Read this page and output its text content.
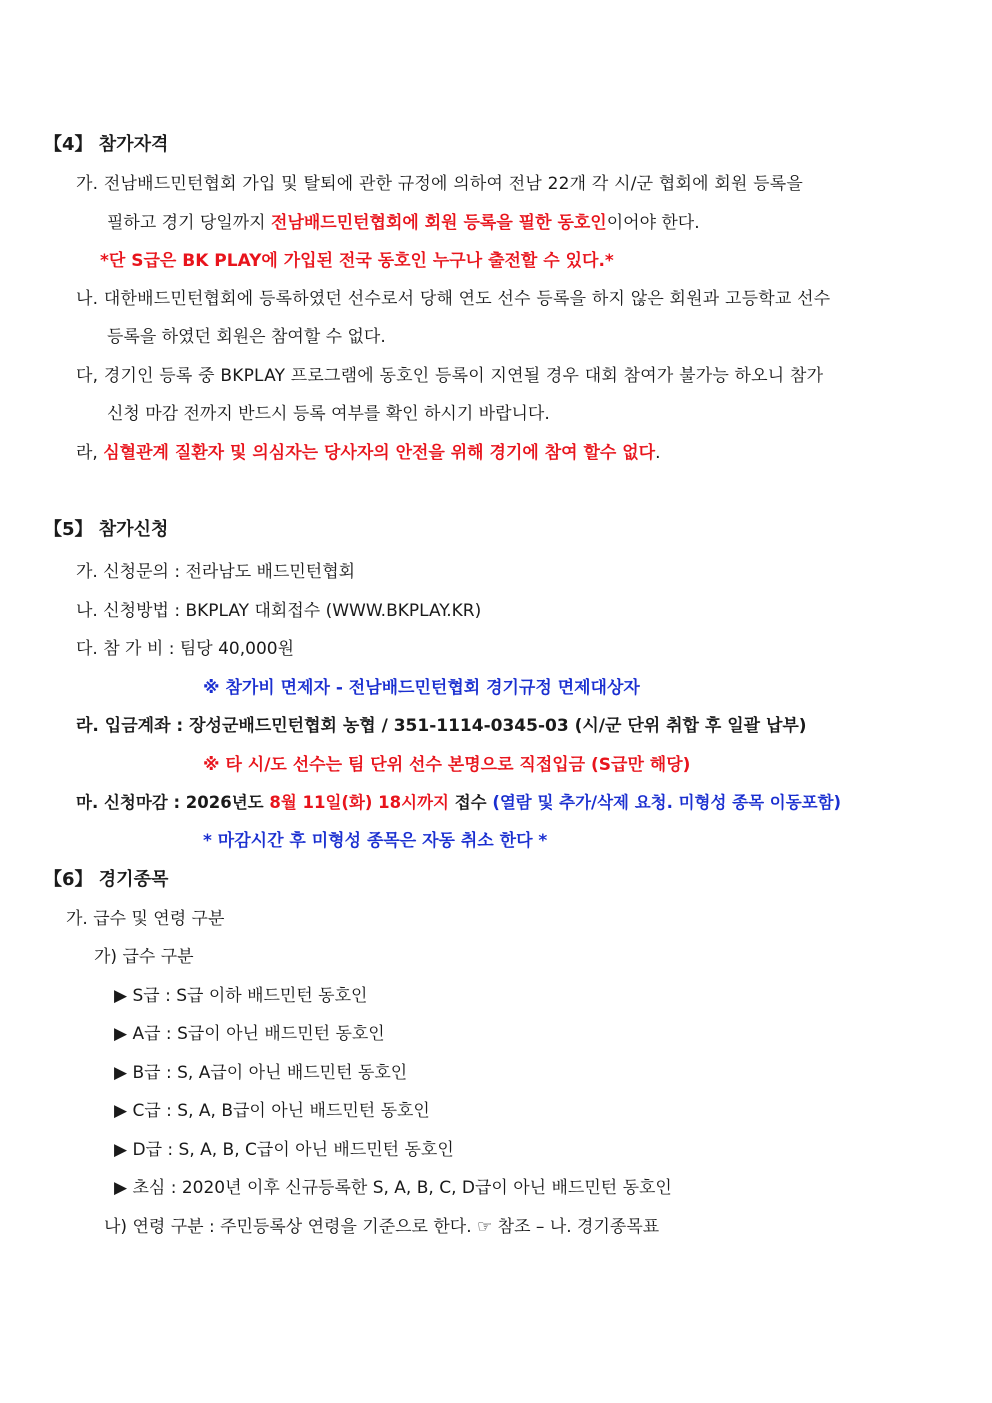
【4】 참가자격
가. 전남배드민턴협회 가입 및 탈퇴에 관한 규정에 의하여 전남 22개 각 시/군 협회에 회원 등록을
필하고 경기 당일까지 전남배드민턴협회에 회원 등록을 필한 동호인이어야 한다.
*단 S급은 BK PLAY에 가입된 전국 동호인 누구나 출전할 수 있다.*
나. 대한배드민턴협회에 등록하였던 선수로서 당해 연도 선수 등록을 하지 않은 회원과 고등학교 선수
등록을 하였던 회원은 참여할 수 없다.
다, 경기인 등록 중 BKPLAY 프로그램에 동호인 등록이 지연될 경우 대회 참여가 불가능 하오니 참가
신청 마감 전까지 반드시 등록 여부를 확인 하시기 바랍니다.
라, 심혈관계 질환자 및 의심자는 당사자의 안전을 위해 경기에 참여 할수 없다.
【5】 참가신청
가. 신청문의 : 전라남도 배드민턴협회
나. 신청방법 : BKPLAY 대회접수 (WWW.BKPLAY.KR)
다. 참 가 비 : 팀당 40,000원
※ 참가비 면제자 - 전남배드민턴협회 경기규정 면제대상자
라. 입금계좌 : 장성군배드민턴협회 농협 / 351-1114-0345-03 (시/군 단위 취합 후 일괄 납부)
※ 타 시/도 선수는 팀 단위 선수 본명으로 직접입금 (S급만 해당)
마. 신청마감 : 2026년도 8월 11일(화) 18시까지 접수 (열람 및 추가/삭제 요청. 미형성 종목 이동포함)
* 마감시간 후 미형성 종목은 자동 취소 한다 *
【6】 경기종목
가. 급수 및 연령 구분
가) 급수 구분
▶ S급 : S급 이하 배드민턴 동호인
▶ A급 : S급이 아닌 배드민턴 동호인
▶ B급 : S, A급이 아닌 배드민턴 동호인
▶ C급 : S, A, B급이 아닌 배드민턴 동호인
▶ D급 : S, A, B, C급이 아닌 배드민턴 동호인
▶ 초심 : 2020년 이후 신규등록한 S, A, B, C, D급이 아닌 배드민턴 동호인
나) 연령 구분 : 주민등록상 연령을 기준으로 한다. ☞ 참조 – 나. 경기종목표
